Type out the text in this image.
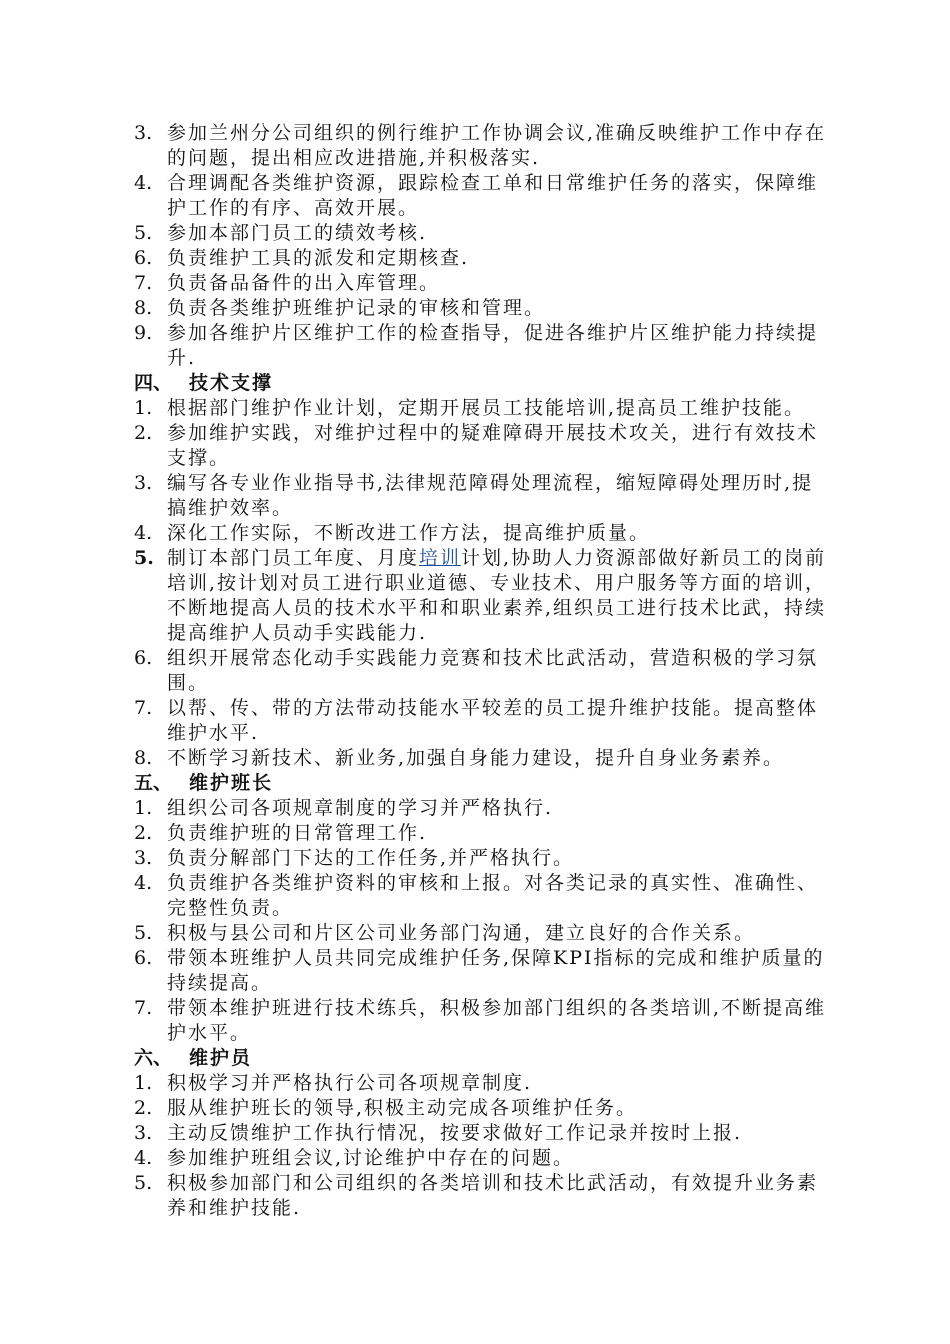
3. 参加兰州分公司组织的例行维护工作协调会议,准确反映维护工作中存在的问题，提出相应改进措施,并积极落实.
4. 合理调配各类维护资源，跟踪检查工单和日常维护任务的落实，保障维护工作的有序、高效开展。
5. 参加本部门员工的绩效考核.
6. 负责维护工具的派发和定期核查.
7. 负责备品备件的出入库管理。
8. 负责各类维护班维护记录的审核和管理。
9. 参加各维护片区维护工作的检查指导，促进各维护片区维护能力持续提升.
四、 技术支撑
1. 根据部门维护作业计划，定期开展员工技能培训,提高员工维护技能。
2. 参加维护实践，对维护过程中的疑难障碍开展技术攻关，进行有效技术支撑。
3. 编写各专业作业指导书,法律规范障碍处理流程，缩短障碍处理历时,提搞维护效率。
4. 深化工作实际，不断改进工作方法，提高维护质量。
5. 制订本部门员工年度、月度培训计划,协助人力资源部做好新员工的岗前培训,按计划对员工进行职业道德、专业技术、用户服务等方面的培训，不断地提高人员的技术水平和和职业素养,组织员工进行技术比武，持续提高维护人员动手实践能力.
6. 组织开展常态化动手实践能力竞赛和技术比武活动，营造积极的学习氛围。
7. 以帮、传、带的方法带动技能水平较差的员工提升维护技能。提高整体维护水平.
8. 不断学习新技术、新业务,加强自身能力建设，提升自身业务素养。
五、 维护班长
1. 组织公司各项规章制度的学习并严格执行.
2. 负责维护班的日常管理工作.
3. 负责分解部门下达的工作任务,并严格执行。
4. 负责维护各类维护资料的审核和上报。对各类记录的真实性、准确性、完整性负责。
5. 积极与县公司和片区公司业务部门沟通，建立良好的合作关系。
6. 带领本班维护人员共同完成维护任务,保障KPI指标的完成和维护质量的持续提高。
7. 带领本维护班进行技术练兵，积极参加部门组织的各类培训,不断提高维护水平。
六、 维护员
1. 积极学习并严格执行公司各项规章制度.
2. 服从维护班长的领导,积极主动完成各项维护任务。
3. 主动反馈维护工作执行情况，按要求做好工作记录并按时上报.
4. 参加维护班组会议,讨论维护中存在的问题。
5. 积极参加部门和公司组织的各类培训和技术比武活动，有效提升业务素养和维护技能.
